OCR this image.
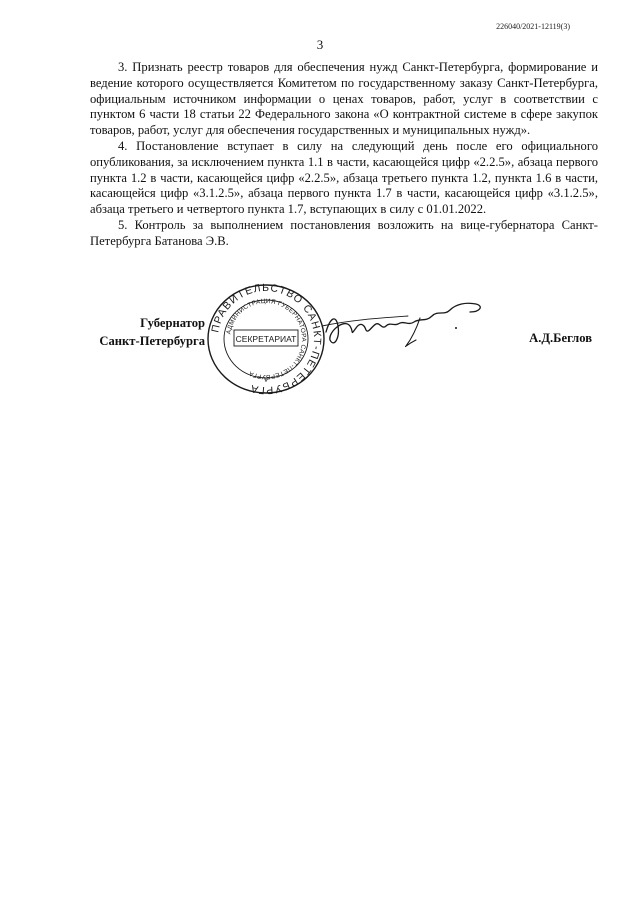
226040/2021-12119(3)
3

3. Признать реестр товаров для обеспечения нужд Санкт-Петербурга, формирование и ведение которого осуществляется Комитетом по государственному заказу Санкт-Петербурга, официальным источником информации о ценах товаров, работ, услуг в соответствии с пунктом 6 части 18 статьи 22 Федерального закона «О контрактной системе в сфере закупок товаров, работ, услуг для обеспечения государственных и муниципальных нужд».

4. Постановление вступает в силу на следующий день после его официального опубликования, за исключением пункта 1.1 в части, касающейся цифр «2.2.5», абзаца первого пункта 1.2 в части, касающейся цифр «2.2.5», абзаца третьего пункта 1.2, пункта 1.6 в части, касающейся цифр «3.1.2.5», абзаца первого пункта 1.7 в части, касающейся цифр «3.1.2.5», абзаца третьего и четвертого пункта 1.7, вступающих в силу с 01.01.2022.

5. Контроль за выполнением постановления возложить на вице-губернатора Санкт-Петербурга Батанова Э.В.

Губернатор
Санкт-Петербурга
ПРАВИТЕЛЬСТВО САНКТ-ПЕТЕРБУРГА
АДМИНИСТРАЦИЯ ГУБЕРНАТОРА САНКТ-ПЕТЕРБУРГА
СЕКРЕТАРИАТ
*
А.Д.Беглов
